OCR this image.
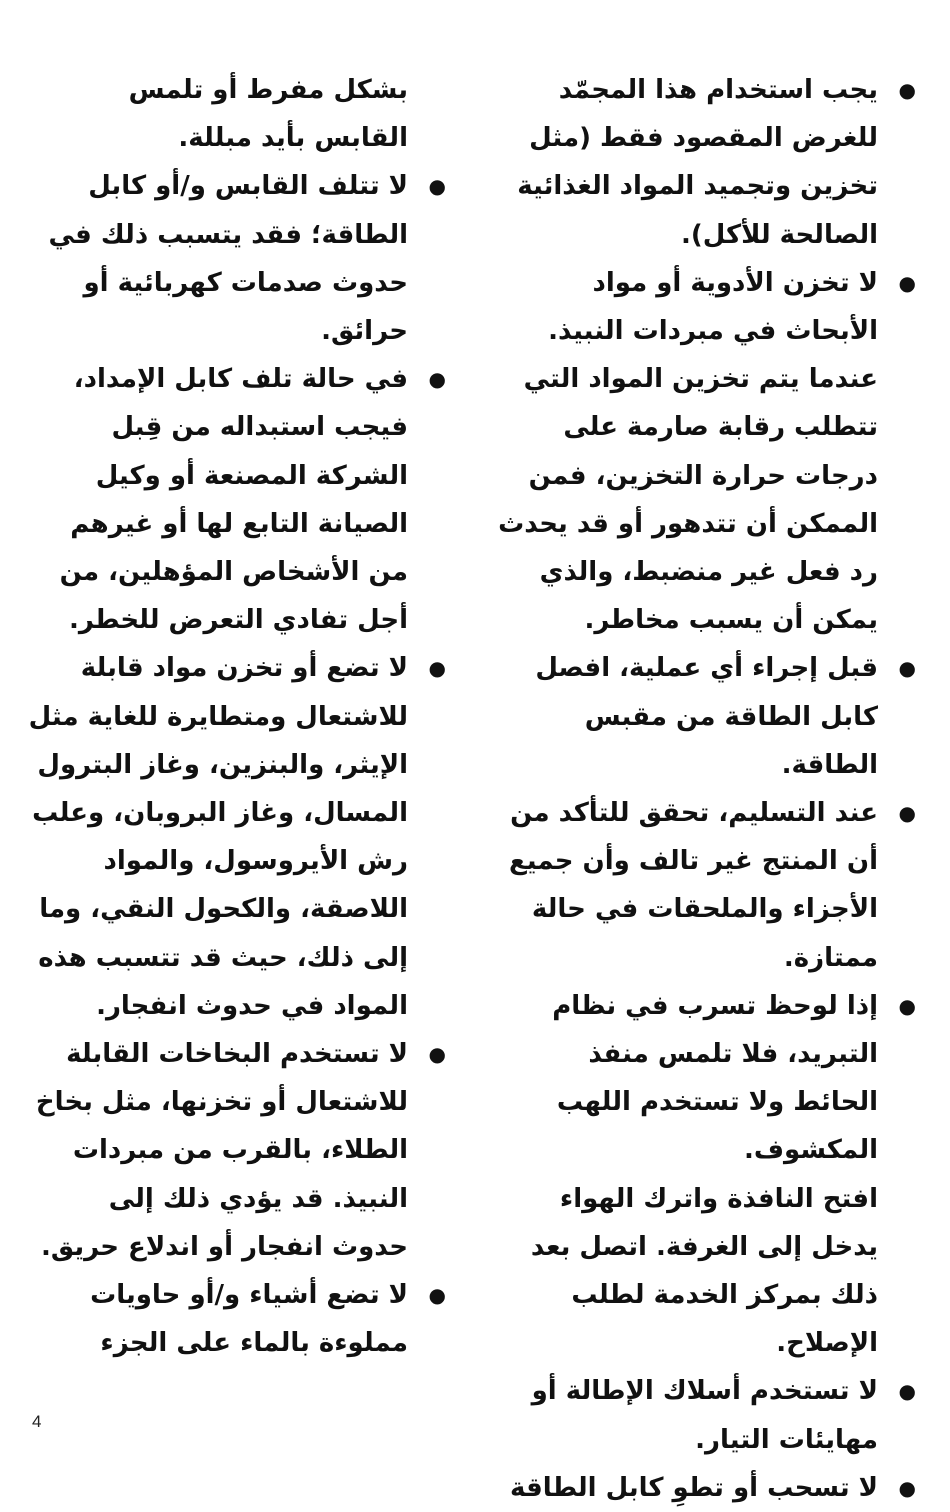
● يجب استخدام هذا المجمّد للغرض المقصود فقط (مثل تخزين وتجميد المواد الغذائية الصالحة للأكل).

● لا تخزن الأدوية أو مواد الأبحاث في مبردات النبيذ.

عندما يتم تخزين المواد التي تتطلب رقابة صارمة على درجات حرارة التخزين، فمن الممكن أن تتدهور أو قد يحدث رد فعل غير منضبط، والذي يمكن أن يسبب مخاطر.

● قبل إجراء أي عملية، افصل كابل الطاقة من مقبس الطاقة.

● عند التسليم، تحقق للتأكد من أن المنتج غير تالف وأن جميع الأجزاء والملحقات في حالة ممتازة.

● إذا لوحظ تسرب في نظام التبريد، فلا تلمس منفذ الحائط ولا تستخدم اللهب المكشوف.

افتح النافذة واترك الهواء يدخل إلى الغرفة. اتصل بعد ذلك بمركز الخدمة لطلب الإصلاح.

● لا تستخدم أسلاك الإطالة أو مهايئات التيار.

● لا تسحب أو تطوِ كابل الطاقة

بشكل مفرط أو تلمس القابس بأيد مبللة.

● لا تتلف القابس و/أو كابل الطاقة؛ فقد يتسبب ذلك في حدوث صدمات كهربائية أو حرائق.

● في حالة تلف كابل الإمداد، فيجب استبداله من قِبل الشركة المصنعة أو وكيل الصيانة التابع لها أو غيرهم من الأشخاص المؤهلين، من أجل تفادي التعرض للخطر.

● لا تضع أو تخزن مواد قابلة للاشتعال ومتطايرة للغاية مثل الإيثر، والبنزين، وغاز البترول المسال، وغاز البروبان، وعلب رش الأيروسول، والمواد اللاصقة، والكحول النقي، وما إلى ذلك، حيث قد تتسبب هذه المواد في حدوث انفجار.

● لا تستخدم البخاخات القابلة للاشتعال أو تخزنها، مثل بخاخ الطلاء، بالقرب من مبردات النبيذ. قد يؤدي ذلك إلى حدوث انفجار أو اندلاع حريق.

● لا تضع أشياء و/أو حاويات مملوءة بالماء على الجزء

4
